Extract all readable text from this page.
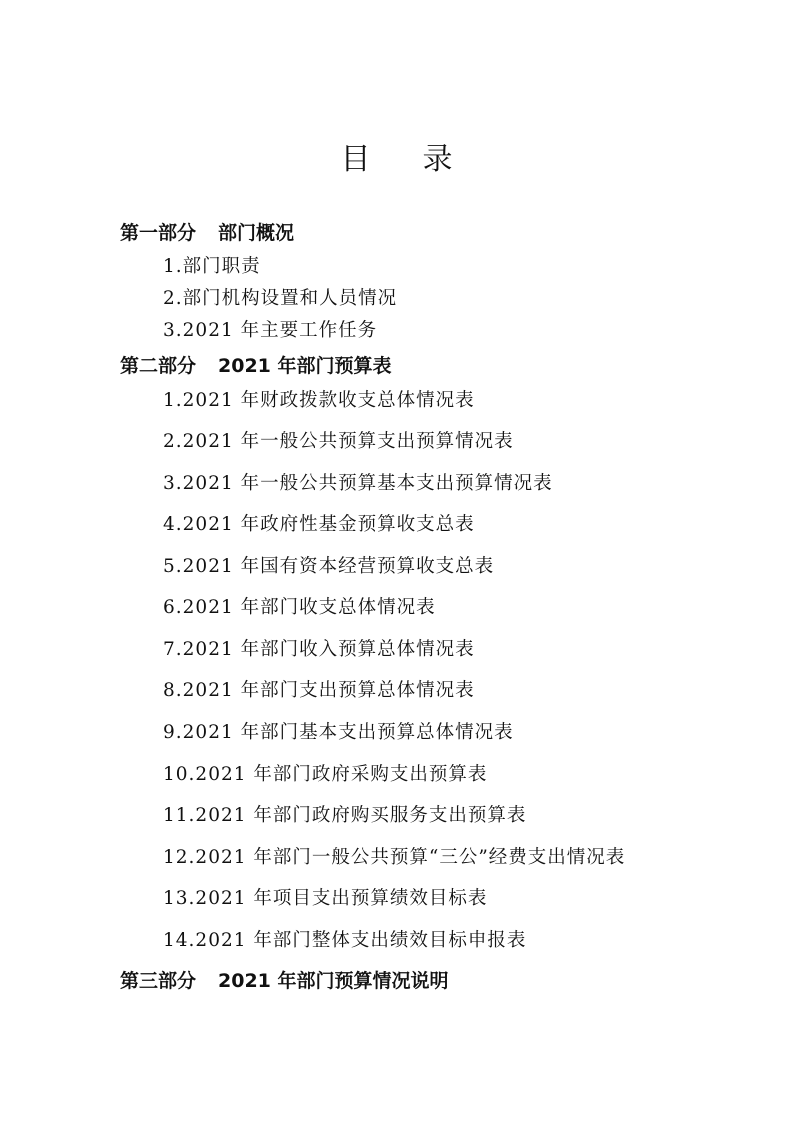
目录
第一部分 部门概况
1.部门职责
2.部门机构设置和人员情况
3.2021 年主要工作任务
第二部分 2021 年部门预算表
1.2021 年财政拨款收支总体情况表
2.2021 年一般公共预算支出预算情况表
3.2021 年一般公共预算基本支出预算情况表
4.2021 年政府性基金预算收支总表
5.2021 年国有资本经营预算收支总表
6.2021 年部门收支总体情况表
7.2021 年部门收入预算总体情况表
8.2021 年部门支出预算总体情况表
9.2021 年部门基本支出预算总体情况表
10.2021 年部门政府采购支出预算表
11.2021 年部门政府购买服务支出预算表
12.2021 年部门一般公共预算“三公”经费支出情况表
13.2021 年项目支出预算绩效目标表
14.2021 年部门整体支出绩效目标申报表
第三部分 2021 年部门预算情况说明
